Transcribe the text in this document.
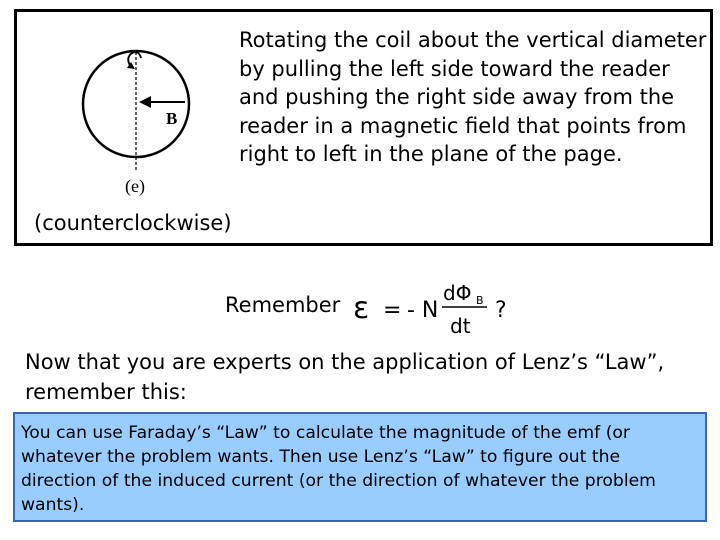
B
(e)
Rotating the coil about the vertical diameter by pulling the left side toward the reader and pushing the right side away from the reader in a magnetic field that points from right to left in the plane of the page.
(counterclockwise)
Remember ε = - N
dΦ B
dt
?
Now that you are experts on the application of Lenz’s “Law”, remember this:
You can use Faraday’s “Law” to calculate the magnitude of the emf (or whatever the problem wants. Then use Lenz’s “Law” to figure out the direction of the induced current (or the direction of whatever the problem wants).
